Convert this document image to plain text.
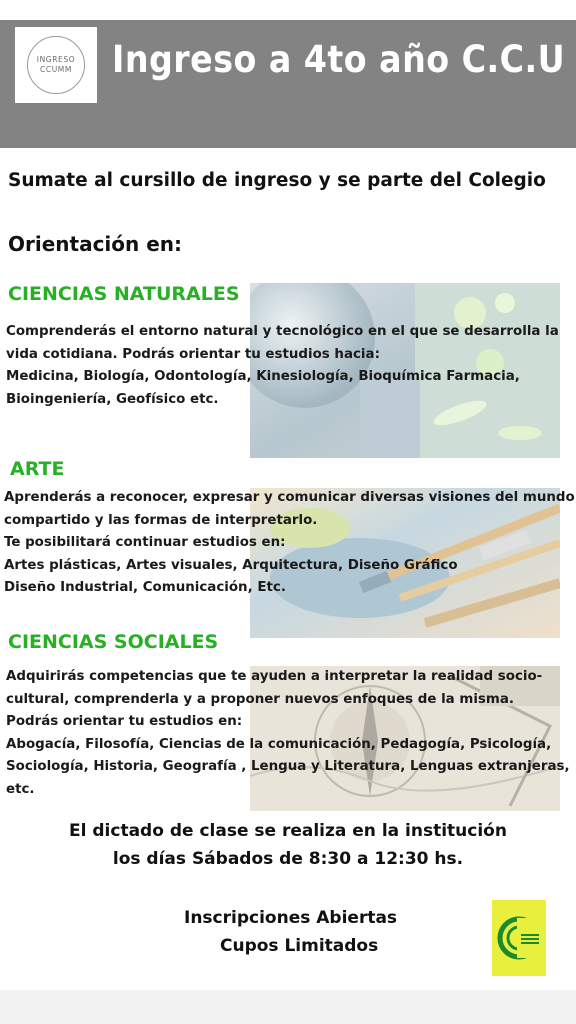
INGRESO
CCUMM Ingreso a 4to año C.C.U
Sumate al cursillo de ingreso y se parte del Colegio
Orientación en:
CIENCIAS NATURALES
Comprenderás el entorno natural y tecnológico en el que se desarrolla la
vida cotidiana. Podrás orientar tu estudios hacia:
Medicina, Biología, Odontología, Kinesiología, Bioquímica Farmacia,
Bioingeniería, Geofísico etc.
ARTE
Aprenderás a reconocer, expresar y comunicar diversas visiones del mundo
compartido y las formas de interpretarlo.
Te posibilitará continuar estudios en:
Artes plásticas, Artes visuales, Arquitectura, Diseño Gráfico
Diseño Industrial, Comunicación, Etc.
CIENCIAS SOCIALES
Adquirirás competencias que te ayuden a interpretar la realidad socio-
cultural, comprenderla y a proponer nuevos enfoques de la misma.
Podrás orientar tu estudios en:
Abogacía, Filosofía, Ciencias de la comunicación, Pedagogía, Psicología,
Sociología, Historia, Geografía , Lengua y Literatura, Lenguas extranjeras,
etc.
El dictado de clase se realiza en la institución
los días Sábados de 8:30 a 12:30 hs.
Inscripciones Abiertas
Cupos Limitados
